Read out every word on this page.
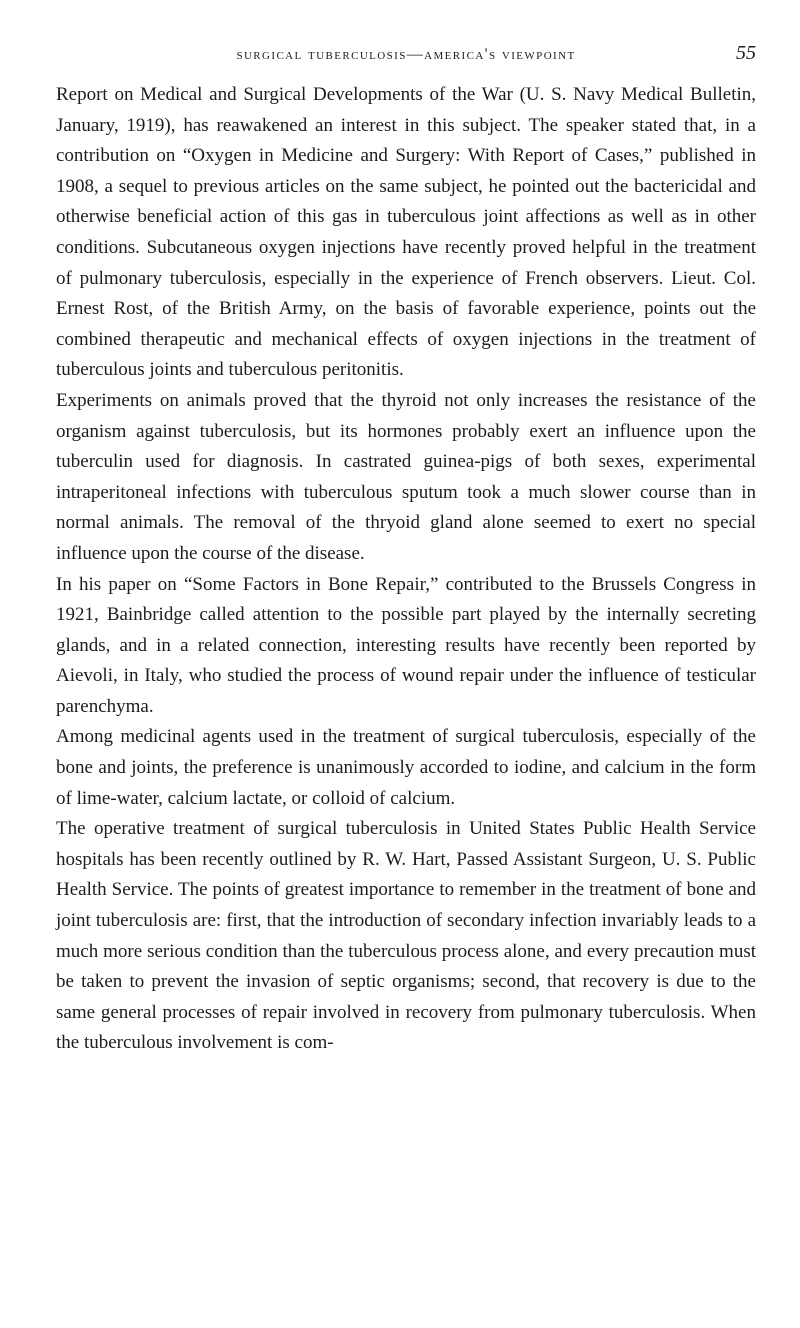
surgical tuberculosis—america's viewpoint	55

Report on Medical and Surgical Developments of the War (U. S. Navy Medical Bulletin, January, 1919), has reawakened an interest in this subject. The speaker stated that, in a contribution on “Oxygen in Medicine and Surgery: With Report of Cases,” published in 1908, a sequel to previous articles on the same subject, he pointed out the bactericidal and otherwise beneficial action of this gas in tuberculous joint affections as well as in other conditions. Subcutaneous oxygen injections have recently proved helpful in the treatment of pulmonary tuberculosis, especially in the experience of French observers. Lieut. Col. Ernest Rost, of the British Army, on the basis of favorable experience, points out the combined therapeutic and mechanical effects of oxygen injections in the treatment of tuberculous joints and tuberculous peritonitis.

Experiments on animals proved that the thyroid not only increases the resistance of the organism against tuberculosis, but its hormones probably exert an influence upon the tuberculin used for diagnosis. In castrated guinea-pigs of both sexes, experimental intraperitoneal infections with tuberculous sputum took a much slower course than in normal animals. The removal of the thryoid gland alone seemed to exert no special influence upon the course of the disease.

In his paper on “Some Factors in Bone Repair,” contributed to the Brussels Congress in 1921, Bainbridge called attention to the possible part played by the internally secreting glands, and in a related connection, interesting results have recently been reported by Aievoli, in Italy, who studied the process of wound repair under the influence of testicular parenchyma.

Among medicinal agents used in the treatment of surgical tuberculosis, especially of the bone and joints, the preference is unanimously accorded to iodine, and calcium in the form of lime-water, calcium lactate, or colloid of calcium.

The operative treatment of surgical tuberculosis in United States Public Health Service hospitals has been recently outlined by R. W. Hart, Passed Assistant Surgeon, U. S. Public Health Service. The points of greatest importance to remember in the treatment of bone and joint tuberculosis are: first, that the introduction of secondary infection invariably leads to a much more serious condition than the tuberculous process alone, and every precaution must be taken to prevent the invasion of septic organisms; second, that recovery is due to the same general processes of repair involved in recovery from pulmonary tuberculosis. When the tuberculous involvement is com-
